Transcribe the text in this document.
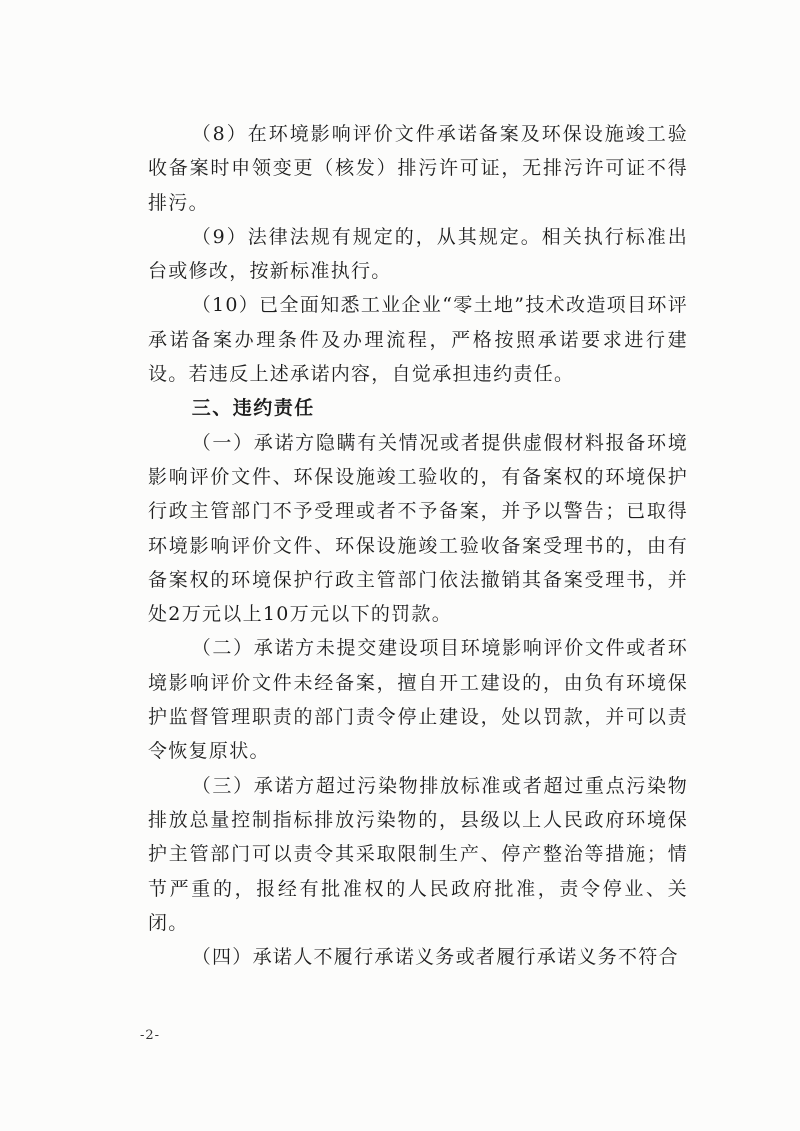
（8）在环境影响评价文件承诺备案及环保设施竣工验收备案时申领变更（核发）排污许可证，无排污许可证不得排污。

（9）法律法规有规定的，从其规定。相关执行标准出台或修改，按新标准执行。

（10）已全面知悉工业企业“零土地”技术改造项目环评承诺备案办理条件及办理流程，严格按照承诺要求进行建设。若违反上述承诺内容，自觉承担违约责任。

三、违约责任

（一）承诺方隐瞒有关情况或者提供虚假材料报备环境影响评价文件、环保设施竣工验收的，有备案权的环境保护行政主管部门不予受理或者不予备案，并予以警告；已取得环境影响评价文件、环保设施竣工验收备案受理书的，由有备案权的环境保护行政主管部门依法撤销其备案受理书，并处2万元以上10万元以下的罚款。

（二）承诺方未提交建设项目环境影响评价文件或者环境影响评价文件未经备案，擅自开工建设的，由负有环境保护监督管理职责的部门责令停止建设，处以罚款，并可以责令恢复原状。

（三）承诺方超过污染物排放标准或者超过重点污染物排放总量控制指标排放污染物的，县级以上人民政府环境保护主管部门可以责令其采取限制生产、停产整治等措施；情节严重的，报经有批准权的人民政府批准，责令停业、关闭。

（四）承诺人不履行承诺义务或者履行承诺义务不符合

-2-
